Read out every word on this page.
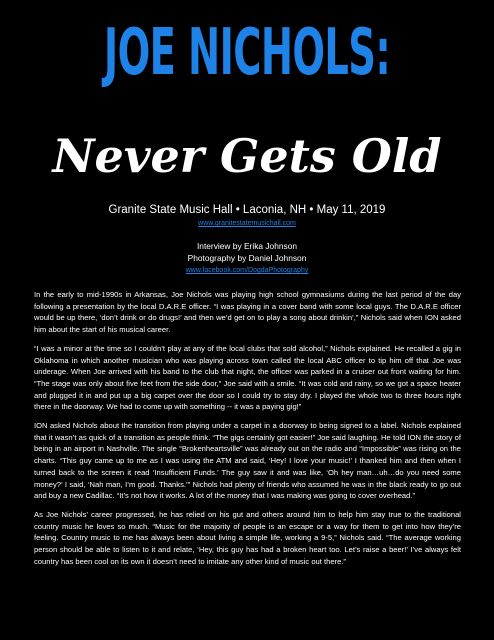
JOE NICHOLS:
Never Gets Old
Granite State Music Hall • Laconia, NH • May 11, 2019
www.granitestatemusichall.com
Interview by Erika Johnson
Photography by Daniel Johnson
www.facebook.com/DogdaPhotography

In the early to mid-1990s in Arkansas, Joe Nichols was playing high school gymnasiums during the last period of the day following a presentation by the local D.A.R.E officer. “I was playing in a cover band with some local guys. The D.A.R.E officer would be up there, ‘don’t drink or do drugs!’ and then we’d get on to play a song about drinkin’,” Nichols said when ION asked him about the start of his musical career.

“I was a minor at the time so I couldn’t play at any of the local clubs that sold alcohol,” Nichols explained. He recalled a gig in Oklahoma in which another musician who was playing across town called the local ABC officer to tip him off that Joe was underage. When Joe arrived with his band to the club that night, the officer was parked in a cruiser out front waiting for him. “The stage was only about five feet from the side door,” Joe said with a smile. “It was cold and rainy, so we got a space heater and plugged it in and put up a big carpet over the door so I could try to stay dry. I played the whole two to three hours right there in the doorway. We had to come up with something -- it was a paying gig!”

ION asked Nichols about the transition from playing under a carpet in a doorway to being signed to a label. Nichols explained that it wasn’t as quick of a transition as people think. “The gigs certainly got easier!” Joe said laughing. He told ION the story of being in an airport in Nashville. The single “Brokenheartsville” was already out on the radio and “Impossible” was rising on the charts. “This guy came up to me as I was using the ATM and said, ‘Hey! I love your music!’ I thanked him and then when I turned back to the screen it read ‘Insufficient Funds.’ The guy saw it and was like, ‘Oh hey man…uh…do you need some money?’ I said, ‘Nah man, I’m good. Thanks.’” Nichols had plenty of friends who assumed he was in the black ready to go out and buy a new Cadillac. “It’s not how it works. A lot of the money that I was making was going to cover overhead.”

As Joe Nichols’ career progressed, he has relied on his gut and others around him to help him stay true to the traditional country music he loves so much. “Music for the majority of people is an escape or a way for them to get into how they’re feeling. Country music to me has always been about living a simple life, working a 9-5,” Nichols said. “The average working person should be able to listen to it and relate, ‘Hey, this guy has had a broken heart too. Let’s raise a beer!’ I’ve always felt country has been cool on its own it doesn’t need to imitate any other kind of music out there.”
